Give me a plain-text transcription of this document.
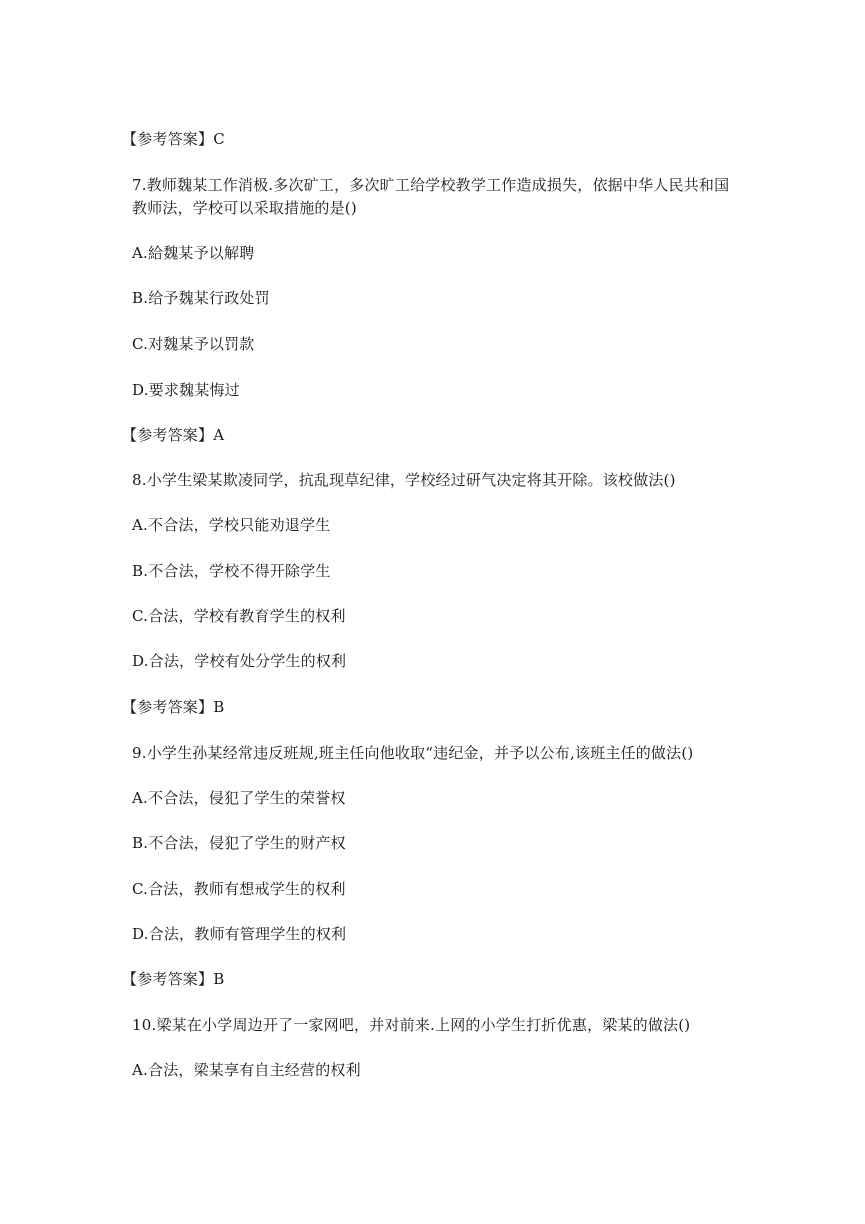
【参考答案】C
7.教师魏某工作消极.多次矿工，多次旷工给学校教学工作造成损失，依据中华人民共和国
教师法，学校可以采取措施的是()
A.給魏某予以解聘
B.给予魏某行政处罚
C.对魏某予以罚款
D.要求魏某悔过
【参考答案】A
8.小学生梁某欺凌同学，抗乱现草纪律，学校经过研气决定将其开除。该校做法()
A.不合法，学校只能劝退学生
B.不合法，学校不得开除学生
C.合法，学校有教育学生的权利
D.合法，学校有处分学生的权利
【参考答案】B
9.小学生孙某经常违反班规,班主任向他收取“违纪金，并予以公布,该班主任的做法()
A.不合法，侵犯了学生的荣誉权
B.不合法，侵犯了学生的财产权
C.合法，教师有想戒学生的权利
D.合法，教师有管理学生的权利
【参考答案】B
10.梁某在小学周边开了一家网吧，并对前来.上网的小学生打折优惠，梁某的做法()
A.合法，梁某享有自主经营的权利
